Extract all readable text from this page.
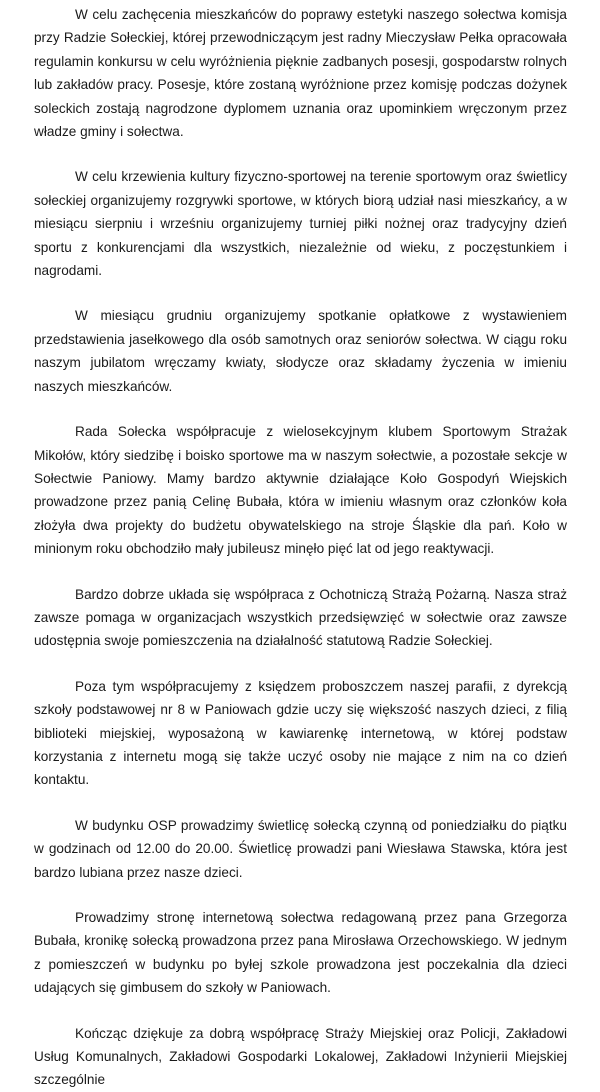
W celu zachęcenia mieszkańców do poprawy estetyki naszego sołectwa komisja przy Radzie Sołeckiej, której przewodniczącym jest radny Mieczysław Pełka opracowała regulamin konkursu w celu wyróżnienia pięknie zadbanych posesji, gospodarstw rolnych lub zakładów pracy. Posesje, które zostaną wyróżnione przez komisję podczas dożynek soleckich zostają nagrodzone dyplomem uznania oraz upominkiem wręczonym przez władze gminy i sołectwa.

W celu krzewienia kultury fizyczno-sportowej na terenie sportowym oraz świetlicy sołeckiej organizujemy rozgrywki sportowe, w których biorą udział nasi mieszkańcy, a w miesiącu sierpniu i wrześniu organizujemy turniej piłki nożnej oraz tradycyjny dzień sportu z konkurencjami dla wszystkich, niezależnie od wieku, z poczęstunkiem i nagrodami.

W miesiącu grudniu organizujemy spotkanie opłatkowe z wystawieniem przedstawienia jasełkowego dla osób samotnych oraz seniorów sołectwa. W ciągu roku naszym jubilatom wręczamy kwiaty, słodycze oraz składamy życzenia w imieniu naszych mieszkańców.

Rada Sołecka współpracuje z wielosekcyjnym klubem Sportowym Strażak Mikołów, który siedzibę i boisko sportowe ma w naszym sołectwie, a pozostałe sekcje w Sołectwie Paniowy. Mamy bardzo aktywnie działające Koło Gospodyń Wiejskich prowadzone przez panią Celinę Bubała, która w imieniu własnym oraz członków koła złożyła dwa projekty do budżetu obywatelskiego na stroje Śląskie dla pań. Koło w minionym roku obchodziło mały jubileusz minęło pięć lat od jego reaktywacji.

Bardzo dobrze układa się współpraca z Ochotniczą Strażą Pożarną. Nasza straż zawsze pomaga w organizacjach wszystkich przedsięwzięć w sołectwie oraz zawsze udostępnia swoje pomieszczenia na działalność statutową Radzie Sołeckiej.

Poza tym współpracujemy z księdzem proboszczem naszej parafii, z dyrekcją szkoły podstawowej nr 8 w Paniowach gdzie uczy się większość naszych dzieci, z filią biblioteki miejskiej, wyposażoną w kawiarenkę internetową, w której podstaw korzystania z internetu mogą się także uczyć osoby nie mające z nim na co dzień kontaktu.

W budynku OSP prowadzimy świetlicę sołecką czynną od poniedziałku do piątku w godzinach od 12.00 do 20.00. Świetlicę prowadzi pani Wiesława Stawska, która jest bardzo lubiana przez nasze dzieci.

Prowadzimy stronę internetową sołectwa redagowaną przez pana Grzegorza Bubała, kronikę sołecką prowadzona przez pana Mirosława Orzechowskiego. W jednym z pomieszczeń w budynku po byłej szkole prowadzona jest poczekalnia dla dzieci udających się gimbusem do szkoły w Paniowach.

Kończąc dziękuje za dobrą współpracę Straży Miejskiej oraz Policji, Zakładowi Usług Komunalnych, Zakładowi Gospodarki Lokalowej, Zakładowi Inżynierii Miejskiej szczególnie
